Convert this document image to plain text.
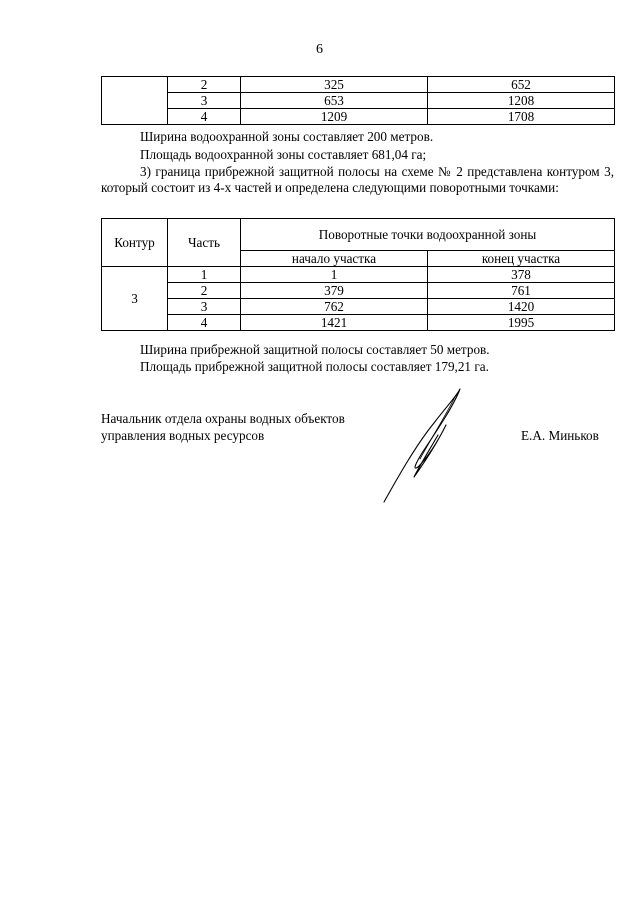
6
	2	325	652
	3	653	1208
	4	1209	1708
Ширина водоохранной зоны составляет 200 метров.
Площадь водоохранной зоны составляет 681,04 га;
3) граница прибрежной защитной полосы на схеме № 2 представлена контуром 3, который состоит из 4-х частей и определена следующими поворотными точками:
Контур	Часть	Поворотные точки водоохранной зоны	
		начало участка	конец участка
3	1	1	378
	2	379	761
	3	762	1420
	4	1421	1995
Ширина прибрежной защитной полосы составляет 50 метров.
Площадь прибрежной защитной полосы составляет 179,21 га.
Начальник отдела охраны водных объектов
управления водных ресурсов	Е.А. Миньков
